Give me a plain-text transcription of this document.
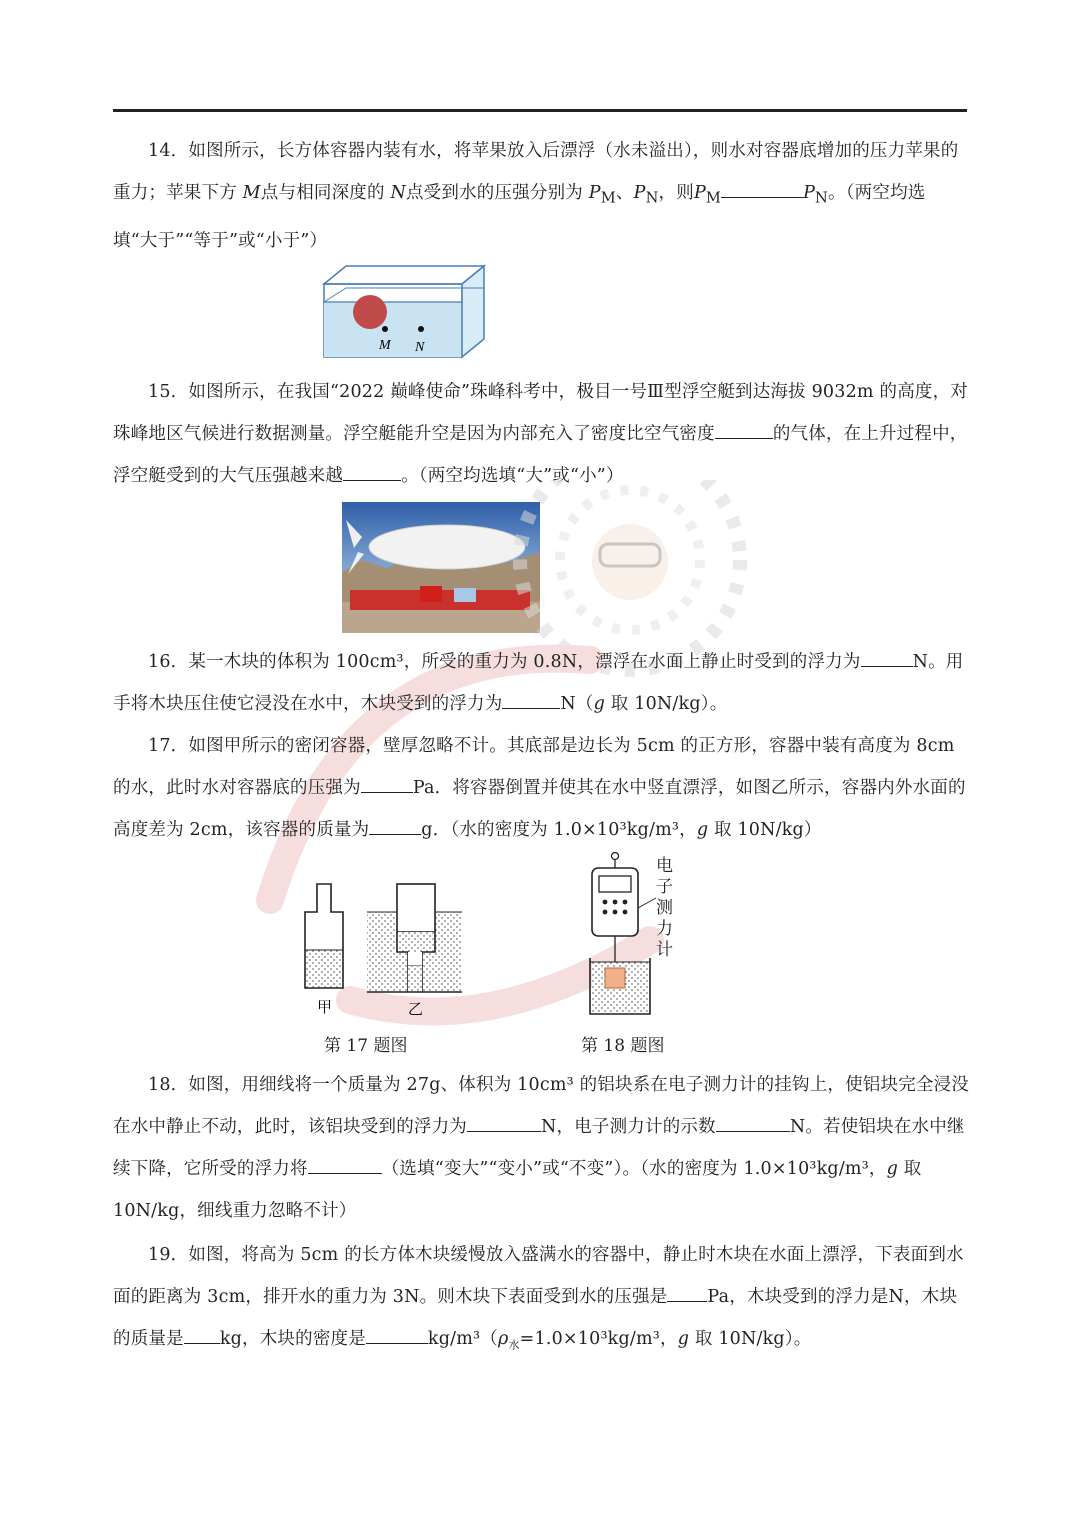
14．如图所示，长方体容器内装有水，将苹果放入后漂浮（水未溢出），则水对容器底增加的压力苹果的重力；苹果下方 M点与相同深度的 N点受到水的压强分别为 $P_M$、$P_N$，则$P_M$	$P_N$。（两空均选填“大于”“等于”或“小于”）

M N

15．如图所示，在我国“2022 巅峰使命”珠峰科考中，极目一号Ⅲ型浮空艇到达海拔 9032m 的高度，对珠峰地区气候进行数据测量。浮空艇能升空是因为内部充入了密度比空气密度	的气体，在上升过程中，浮空艇受到的大气压强越来越	。（两空均选填“大”或“小”）

16．某一木块的体积为 100cm³，所受的重力为 0.8N，漂浮在水面上静止时受到的浮力为	N。用手将木块压住使它浸没在水中，木块受到的浮力为	N（g 取 10N/kg）。

17．如图甲所示的密闭容器，壁厚忽略不计。其底部是边长为 5cm 的正方形，容器中装有高度为 8cm的水，此时水对容器底的压强为	Pa．将容器倒置并使其在水中竖直漂浮，如图乙所示，容器内外水面的高度差为 2cm，该容器的质量为	g．（水的密度为 1.0×10³kg/m³，g 取 10N/kg）

甲	乙
第 17 题图
电
子
测
力
计
第 18 题图

18．如图，用细线将一个质量为 27g、体积为 10cm³ 的铝块系在电子测力计的挂钩上，使铝块完全浸没在水中静止不动，此时，该铝块受到的浮力为	N，电子测力计的示数	N。若使铝块在水中继续下降，它所受的浮力将	（选填“变大”“变小”或“不变”）。（水的密度为 1.0×10³kg/m³，g 取 10N/kg，细线重力忽略不计）

19．如图，将高为 5cm 的长方体木块缓慢放入盛满水的容器中，静止时木块在水面上漂浮，下表面到水面的距离为 3cm，排开水的重力为 3N。则木块下表面受到水的压强是 Pa，木块受到的浮力是N，木块的质量是 kg，木块的密度是	$kg/m^3(\rho_水=1.0\times 10^3kg/m^3$，g 取 10N/kg）。
